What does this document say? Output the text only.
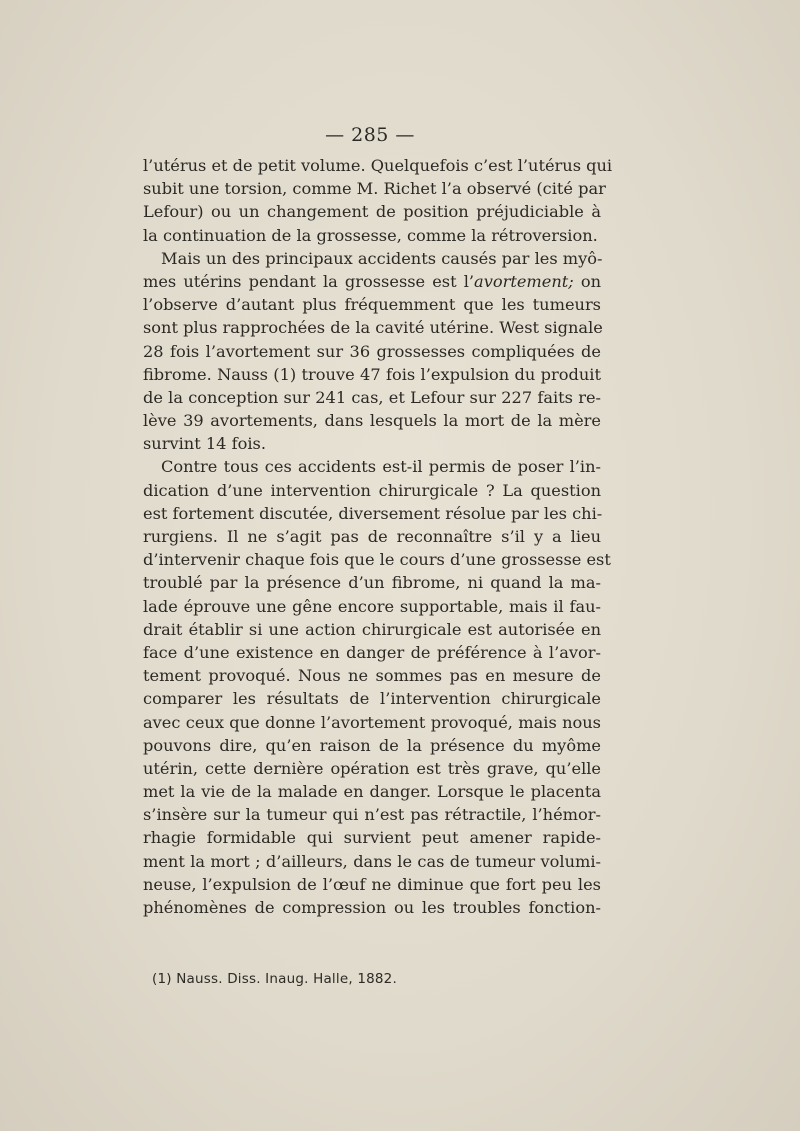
— 285 —
l’utérus et de petit volume. Quelquefois c’est l’utérus qui
subit une torsion, comme M. Richet l’a observé (cité par
Lefour) ou un changement de position préjudiciable à
la continuation de la grossesse, comme la rétroversion.
Mais un des principaux accidents causés par les myô-
mes utérins pendant la grossesse est l’avortement; on
l’observe d’autant plus fréquemment que les tumeurs
sont plus rapprochées de la cavité utérine. West signale
28 fois l’avortement sur 36 grossesses compliquées de
fibrome. Nauss (1) trouve 47 fois l’expulsion du produit
de la conception sur 241 cas, et Lefour sur 227 faits re-
lève 39 avortements, dans lesquels la mort de la mère
survint 14 fois.
Contre tous ces accidents est-il permis de poser l’in-
dication d’une intervention chirurgicale ? La question
est fortement discutée, diversement résolue par les chi-
rurgiens. Il ne s’agit pas de reconnaître s’il y a lieu
d’intervenir chaque fois que le cours d’une grossesse est
troublé par la présence d’un fibrome, ni quand la ma-
lade éprouve une gêne encore supportable, mais il fau-
drait établir si une action chirurgicale est autorisée en
face d’une existence en danger de préférence à l’avor-
tement provoqué. Nous ne sommes pas en mesure de
comparer les résultats de l’intervention chirurgicale
avec ceux que donne l’avortement provoqué, mais nous
pouvons dire, qu’en raison de la présence du myôme
utérin, cette dernière opération est très grave, qu’elle
met la vie de la malade en danger. Lorsque le placenta
s’insère sur la tumeur qui n’est pas rétractile, l’hémor-
rhagie formidable qui survient peut amener rapide-
ment la mort ; d’ailleurs, dans le cas de tumeur volumi-
neuse, l’expulsion de l’œuf ne diminue que fort peu les
phénomènes de compression ou les troubles fonction-
(1) Nauss. Diss. Inaug. Halle, 1882.
